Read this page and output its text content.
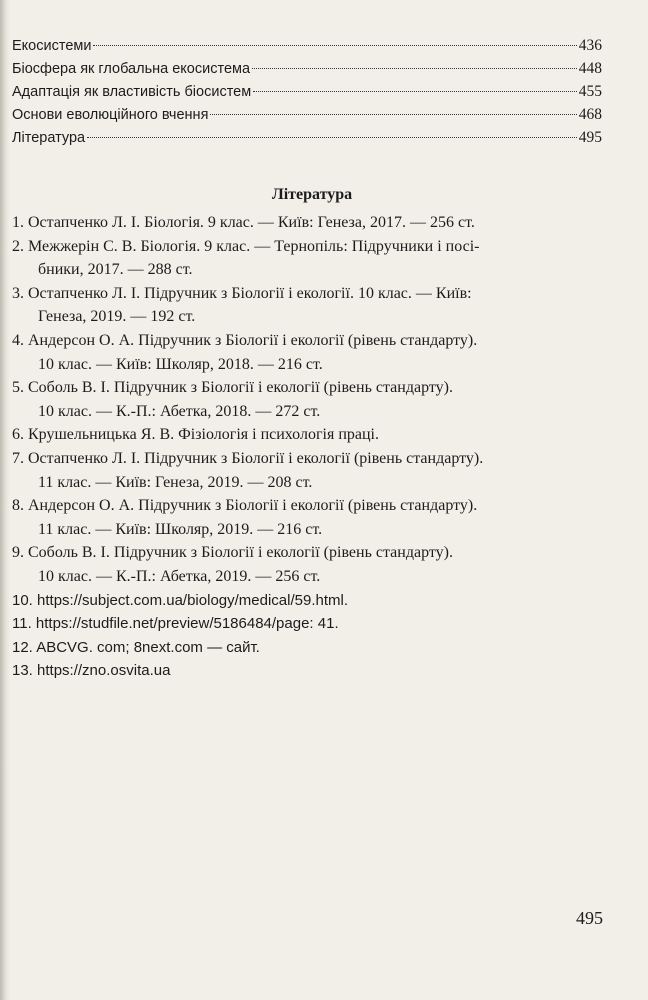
Екосистеми	436
Біосфера як глобальна екосистема	448
Адаптація як властивість біосистем	455
Основи еволюційного вчення	468
Література	495
Література
1. Остапченко Л. І. Біологія. 9 клас. — Київ: Генеза, 2017. — 256 ст.
2. Межжерін С. В. Біологія. 9 клас. — Тернопіль: Підручники і посі-
бники, 2017. — 288 ст.
3. Остапченко Л. І. Підручник з Біології і екології. 10 клас. — Київ:
Генеза, 2019. — 192 ст.
4. Андерсон О. А. Підручник з Біології і екології (рівень стандарту).
10 клас. — Київ: Школяр, 2018. — 216 ст.
5. Соболь В. І. Підручник з Біології і екології (рівень стандарту).
10 клас. — К.-П.: Абетка, 2018. — 272 ст.
6. Крушельницька Я. В. Фізіологія і психологія праці.
7. Остапченко Л. І. Підручник з Біології і екології (рівень стандарту).
11 клас. — Київ: Генеза, 2019. — 208 ст.
8. Андерсон О. А. Підручник з Біології і екології (рівень стандарту).
11 клас. — Київ: Школяр, 2019. — 216 ст.
9. Соболь В. І. Підручник з Біології і екології (рівень стандарту).
10 клас. — К.-П.: Абетка, 2019. — 256 ст.
10. https://subject.com.ua/biology/medical/59.html.
11. https://studfile.net/preview/5186484/page: 41.
12. ABCVG. com; 8next.com — сайт.
13. https://zno.osvita.ua
495
